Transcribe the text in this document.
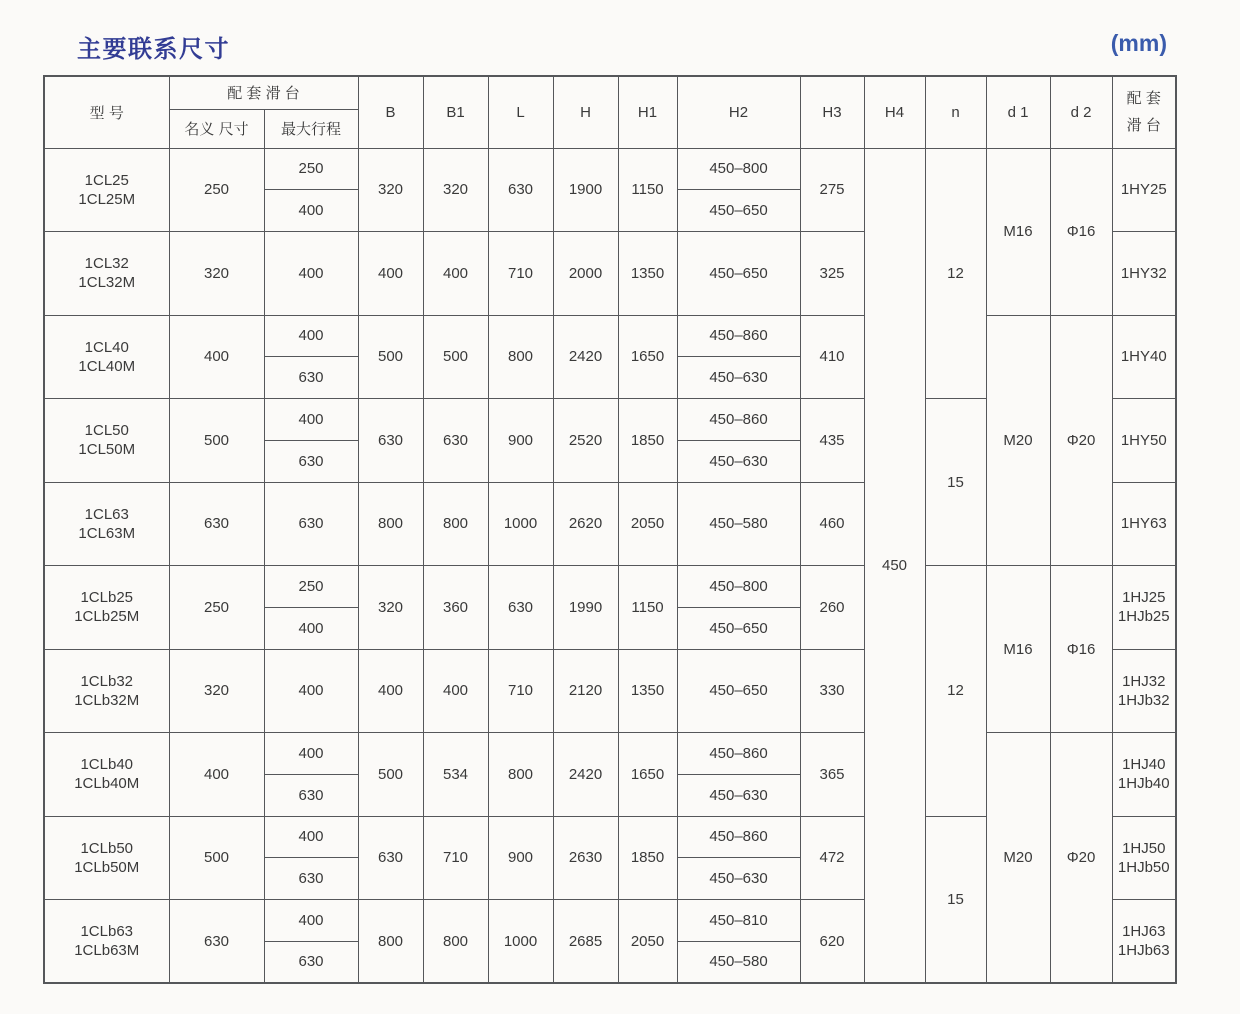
主要联系尺寸	(mm)
型 号	配 套 滑 台		B	B1	L	H	H1	H2	H3	H4	n	d 1	d 2	配 套
滑 台
	名义 尺寸	最大行程												
1CL25
1CL25M	250	250	320	320	630	1900	1150	450–800	275	450	12	M16	Φ16	1HY25
		400						450–650						
1CL32
1CL32M	320	400	400	400	710	2000	1350	450–650	325					1HY32
1CL40
1CL40M	400	400	500	500	800	2420	1650	450–860	410			M20	Φ20	1HY40
		630						450–630						
1CL50
1CL50M	500	400	630	630	900	2520	1850	450–860	435		15			1HY50
		630						450–630						
1CL63
1CL63M	630	630	800	800	1000	2620	2050	450–580	460					1HY63
1CLb25
1CLb25M	250	250	320	360	630	1990	1150	450–800	260		12	M16	Φ16	1HJ25
1HJb25
		400						450–650						
1CLb32
1CLb32M	320	400	400	400	710	2120	1350	450–650	330					1HJ32
1HJb32
1CLb40
1CLb40M	400	400	500	534	800	2420	1650	450–860	365			M20	Φ20	1HJ40
1HJb40
		630						450–630						
1CLb50
1CLb50M	500	400	630	710	900	2630	1850	450–860	472		15			1HJ50
1HJb50
		630						450–630						
1CLb63
1CLb63M	630	400	800	800	1000	2685	2050	450–810	620					1HJ63
1HJb63
		630						450–580						
